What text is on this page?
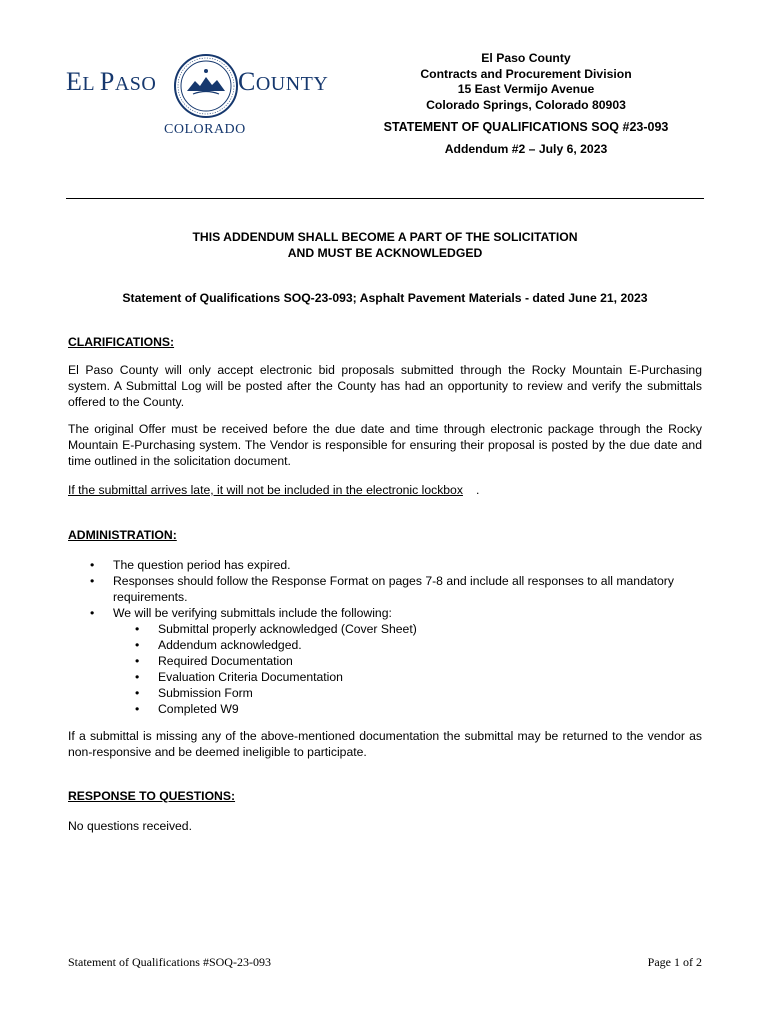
EL PASO	COUNTY
COLORADO
El Paso County
Contracts and Procurement Division
15 East Vermijo Avenue
Colorado Springs, Colorado 80903
STATEMENT OF QUALIFICATIONS SOQ #23-093
Addendum #2 – July 6, 2023
THIS ADDENDUM SHALL BECOME A PART OF THE SOLICITATION
AND MUST BE ACKNOWLEDGED
Statement of Qualifications SOQ-23-093; Asphalt Pavement Materials - dated June 21, 2023
CLARIFICATIONS:
El Paso County will only accept electronic bid proposals submitted through the Rocky Mountain E-Purchasing system. A Submittal Log will be posted after the County has had an opportunity to review and verify the submittals offered to the County.
The original Offer must be received before the due date and time through electronic package through the Rocky Mountain E-Purchasing system. The Vendor is responsible for ensuring their proposal is posted by the due date and time outlined in the solicitation document.
If the submittal arrives late, it will not be included in the electronic lockbox .
ADMINISTRATION:
• The question period has expired.
• Responses should follow the Response Format on pages 7-8 and include all responses to all mandatory requirements.
• We will be verifying submittals include the following:
• Submittal properly acknowledged (Cover Sheet)
• Addendum acknowledged.
• Required Documentation
• Evaluation Criteria Documentation
• Submission Form
• Completed W9
If a submittal is missing any of the above-mentioned documentation the submittal may be returned to the vendor as non-responsive and be deemed ineligible to participate.
RESPONSE TO QUESTIONS:
No questions received.
Statement of Qualifications #SOQ-23-093	Page 1 of 2
